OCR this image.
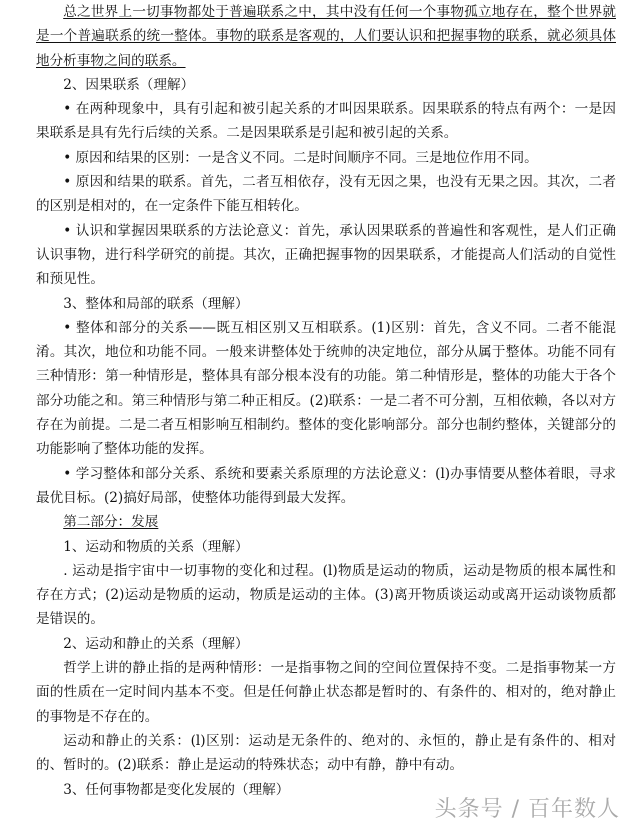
总之世界上一切事物都处于普遍联系之中，其中没有任何一个事物孤立地存在，整个世界就是一个普遍联系的统一整体。事物的联系是客观的，人们要认识和把握事物的联系，就必须具体地分析事物之间的联系。

2、因果联系（理解）

• 在两种现象中，具有引起和被引起关系的才叫因果联系。因果联系的特点有两个：一是因果联系是具有先行后续的关系。二是因果联系是引起和被引起的关系。

• 原因和结果的区别：一是含义不同。二是时间顺序不同。三是地位作用不同。

• 原因和结果的联系。首先，二者互相依存，没有无因之果，也没有无果之因。其次，二者的区别是相对的，在一定条件下能互相转化。

• 认识和掌握因果联系的方法论意义：首先，承认因果联系的普遍性和客观性，是人们正确认识事物，进行科学研究的前提。其次，正确把握事物的因果联系，才能提高人们活动的自觉性和预见性。

3、整体和局部的联系（理解）

• 整体和部分的关系——既互相区别又互相联系。(1)区别：首先，含义不同。二者不能混淆。其次，地位和功能不同。一般来讲整体处于统帅的决定地位，部分从属于整体。功能不同有三种情形：第一种情形是，整体具有部分根本没有的功能。第二种情形是，整体的功能大于各个部分功能之和。第三种情形与第二种正相反。(2)联系：一是二者不可分割，互相依赖，各以对方存在为前提。二是二者互相影响互相制约。整体的变化影响部分。部分也制约整体，关键部分的功能影响了整体功能的发挥。

• 学习整体和部分关系、系统和要素关系原理的方法论意义：(l)办事情要从整体着眼，寻求最优目标。(2)搞好局部，使整体功能得到最大发挥。

第二部分：发展

1、运动和物质的关系（理解）

. 运动是指宇宙中一切事物的变化和过程。(l)物质是运动的物质，运动是物质的根本属性和存在方式；(2)运动是物质的运动，物质是运动的主体。(3)离开物质谈运动或离开运动谈物质都是错误的。

2、运动和静止的关系（理解）

哲学上讲的静止指的是两种情形：一是指事物之间的空间位置保持不变。二是指事物某一方面的性质在一定时间内基本不变。但是任何静止状态都是暂时的、有条件的、相对的，绝对静止的事物是不存在的。

运动和静止的关系：(l)区别：运动是无条件的、绝对的、永恒的，静止是有条件的、相对的、暂时的。(2)联系：静止是运动的特殊状态；动中有静，静中有动。

3、任何事物都是变化发展的（理解）

头条号 / 百年数人
